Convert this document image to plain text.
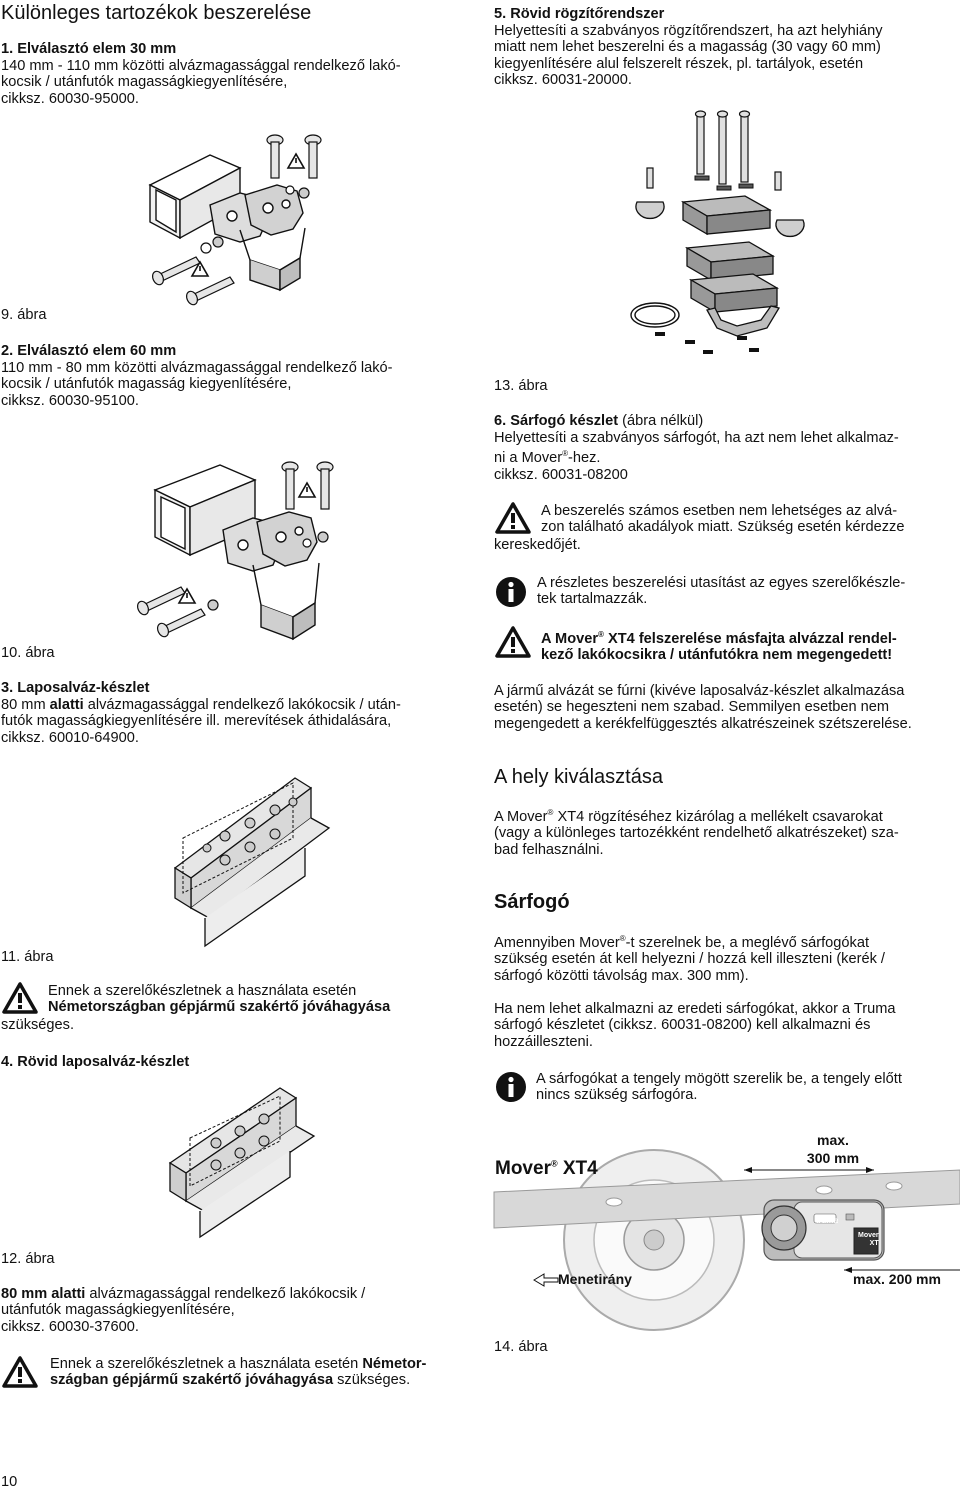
Különleges tartozékok beszerelése
1. Elválasztó elem 30 mm
140 mm - 110 mm közötti alvázmagassággal rendelkező lakó-
kocsik / utánfutók magasságkiegyenlítésére,
cikksz. 60030-95000.
9. ábra
2. Elválasztó elem 60 mm
110 mm - 80 mm közötti alvázmagassággal rendelkező lakó-
kocsik / utánfutók magasság kiegyenlítésére,
cikksz. 60030-95100.
10. ábra
3. Laposalváz-készlet
80 mm alatti alvázmagassággal rendelkező lakókocsik / után-
futók magasságkiegyenlítésére ill. merevítések áthidalására,
cikksz. 60010-64900.
11. ábra
Ennek a szerelőkészletnek a használata esetén
Németországban gépjármű szakértő jóváhagyása
szükséges.
4. Rövid laposalváz-készlet
12. ábra
80 mm alatti alvázmagassággal rendelkező lakókocsik /
utánfutók magasságkiegyenlítésére,
cikksz. 60030-37600.
Ennek a szerelőkészletnek a használata esetén Németor-
szágban gépjármű szakértő jóváhagyása szükséges.
10
5. Rövid rögzítőrendszer
Helyettesíti a szabványos rögzítőrendszert, ha azt helyhiány
miatt nem lehet beszerelni és a magasság (30 vagy 60 mm)
kiegyenlítésére alul felszerelt részek, pl. tartályok, esetén
cikksz. 60031-20000.
13. ábra
6. Sárfogó készlet (ábra nélkül)
Helyettesíti a szabványos sárfogót, ha azt nem lehet alkalmaz-
ni a Mover®-hez.
cikksz. 60031-08200
A beszerelés számos esetben nem lehetséges az alvá-
zon található akadályok miatt. Szükség esetén kérdezze
kereskedőjét.
A részletes beszerelési utasítást az egyes szerelőkészle-
tek tartalmazzák.
A Mover® XT4 felszerelése másfajta alvázzal rendel-
kező lakókocsikra / utánfutókra nem megengedett!
A jármű alvázát se fúrni (kivéve laposalváz-készlet alkalmazása
esetén) se hegeszteni nem szabad. Semmilyen esetben nem
megengedett a kerékfelfüggesztés alkatrészeinek szétszerelése.
A hely kiválasztása
A Mover® XT4 rögzítéséhez kizárólag a mellékelt csavarokat
(vagy a különleges tartozékként rendelhető alkatrészeket) sza-
bad felhasználni.
Sárfogó
Amennyiben Mover®-t szerelnek be, a meglévő sárfogókat
szükség esetén át kell helyezni / hozzá kell illeszteni (kerék /
sárfogó közötti távolság max. 300 mm).
Ha nem lehet alkalmazni az eredeti sárfogókat, akkor a Truma
sárfogó készletet (cikksz. 60031-08200) kell alkalmazni és
hozzáilleszteni.
A sárfogókat a tengely mögött szerelik be, a tengely előtt
nincs szükség sárfogóra.
Mover® XT4
max.
300 mm
truma
Mover
XT
Menetirány	max. 200 mm
14. ábra
